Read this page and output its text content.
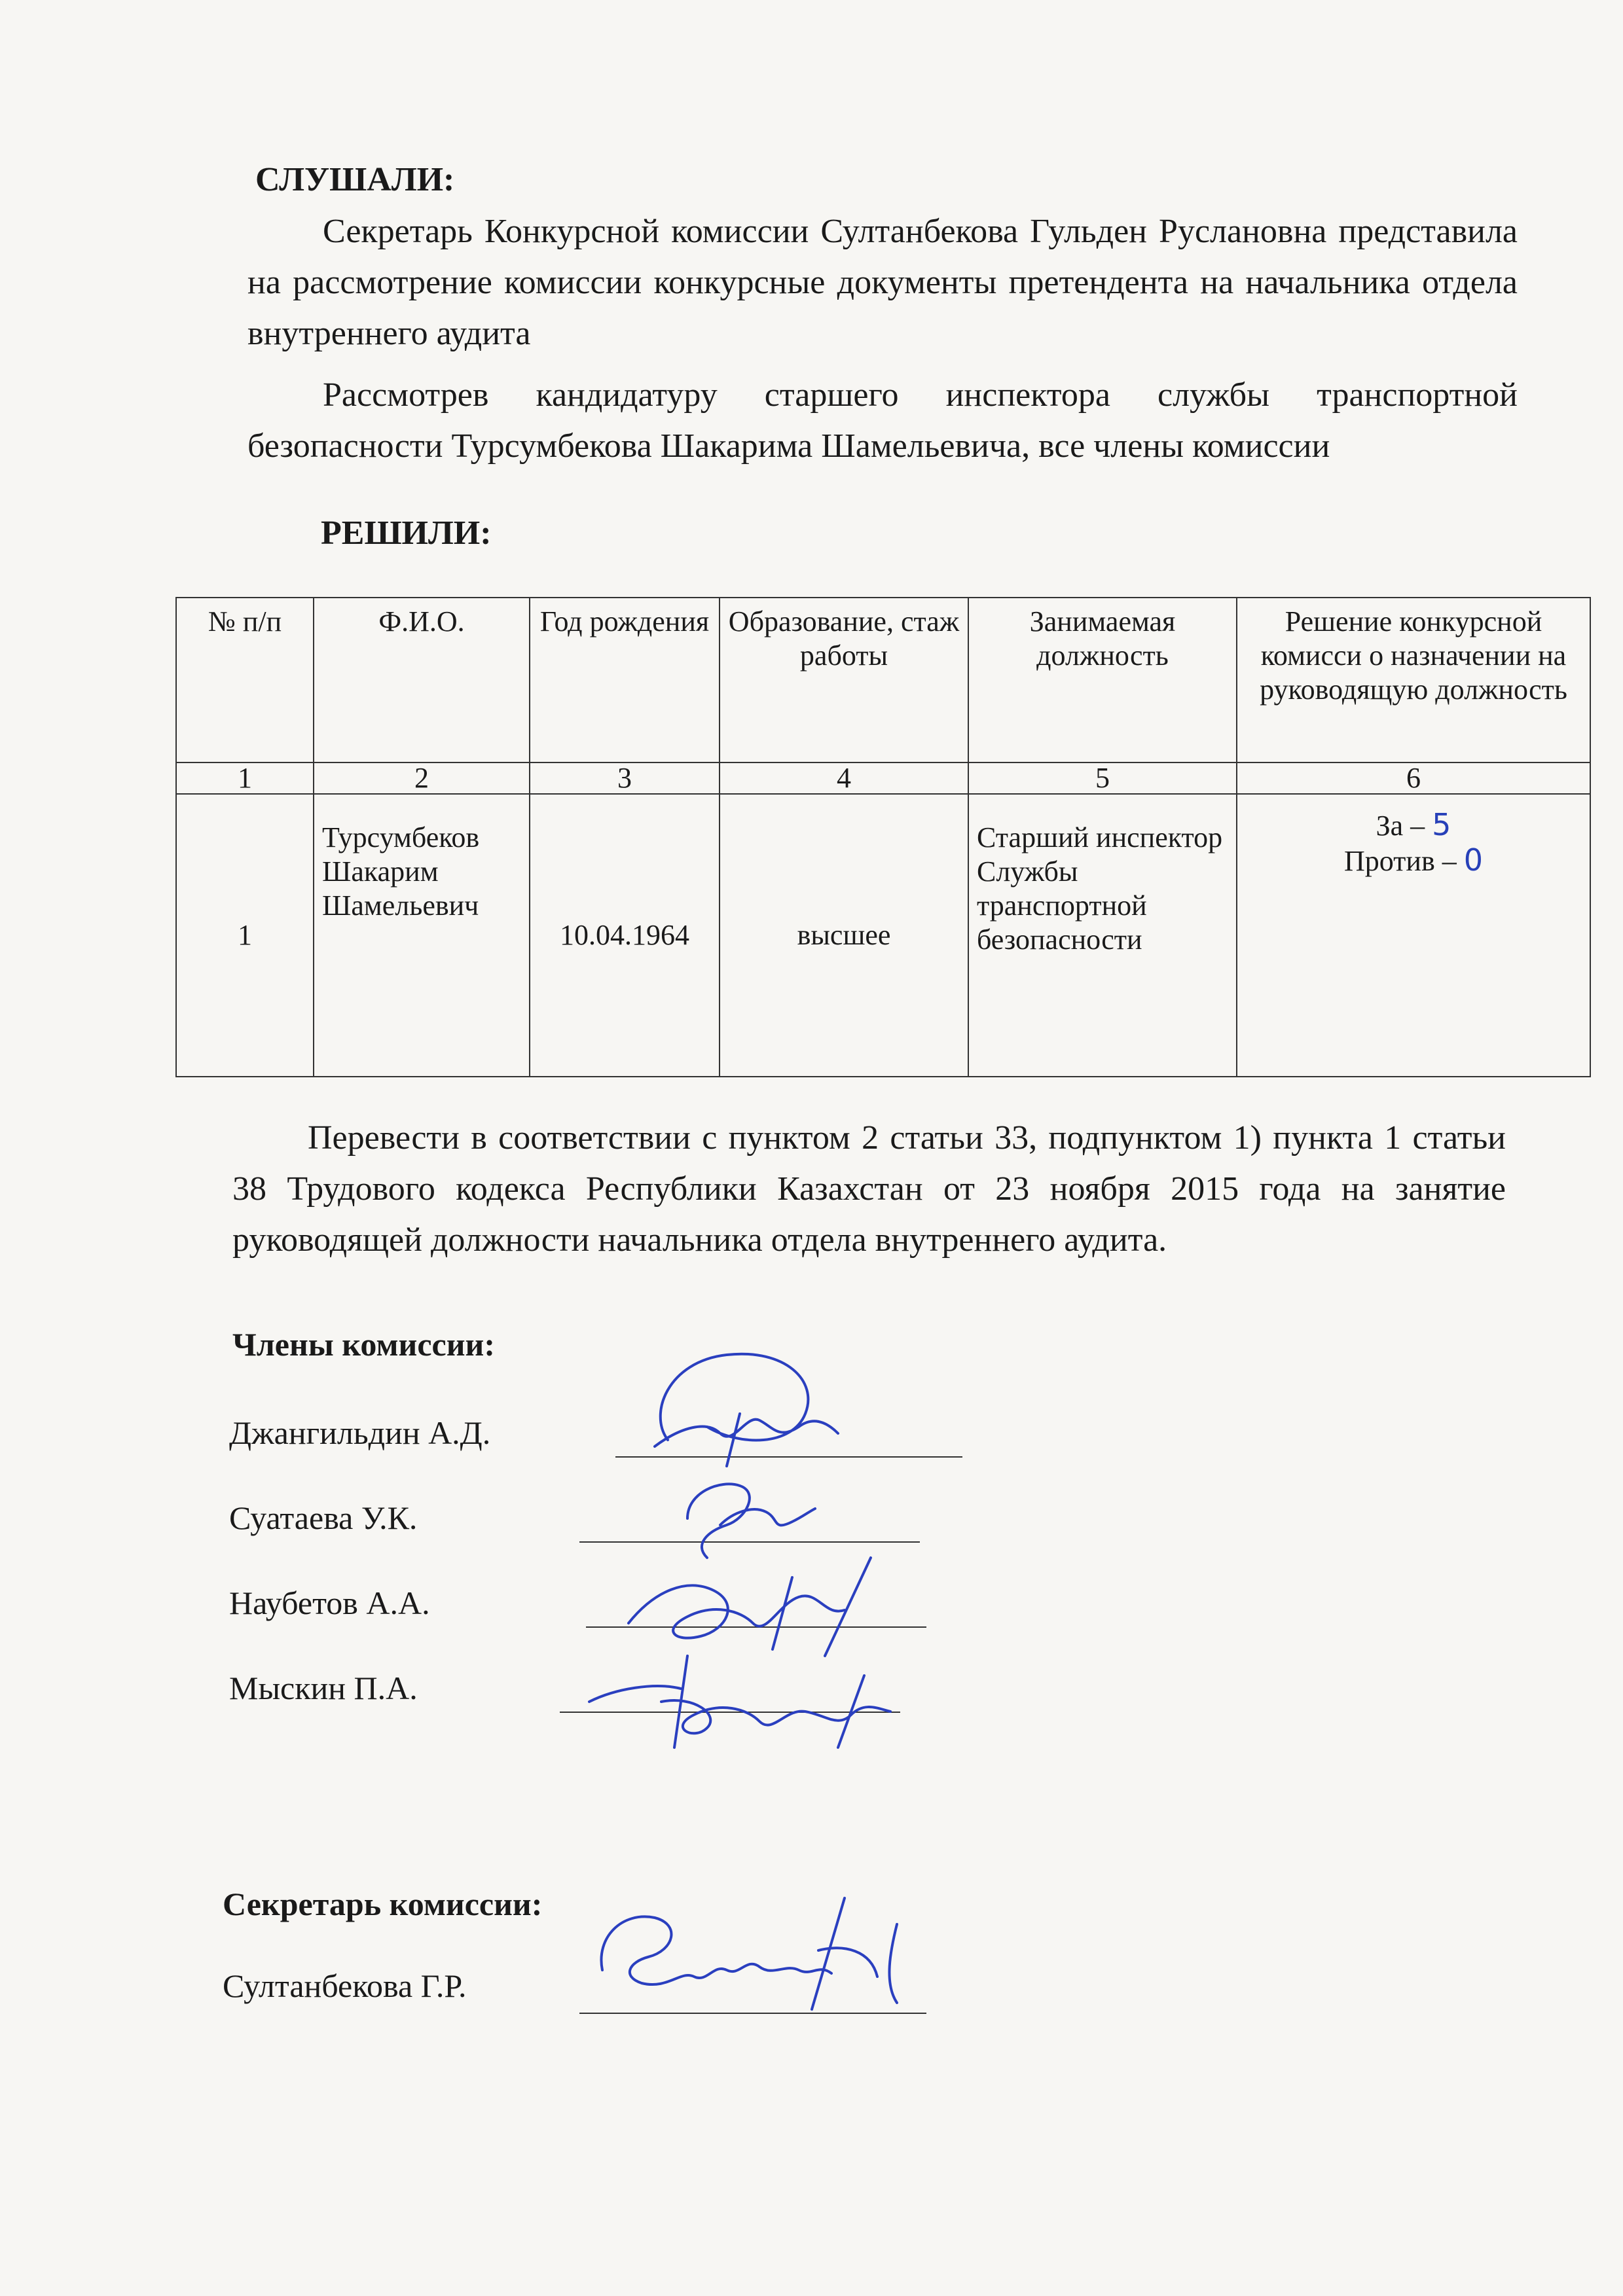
СЛУШАЛИ:
Секретарь Конкурсной комиссии Султанбекова Гульден Руслановна представила на рассмотрение комиссии конкурсные документы претендента на начальника отдела внутреннего аудита
Рассмотрев кандидатуру старшего инспектора службы транспортной безопасности Турсумбекова Шакарима Шамельевича, все члены комиссии
РЕШИЛИ:
№ п/п	Ф.И.О.	Год рождения	Образование, стаж работы	Занимаемая должность	Решение конкурсной комисси о назначении на руководящую должность
1	2	3	4	5	6
1	Турсумбеков Шакарим Шамельевич	10.04.1964	высшее	Старший инспектор Службы транспортной безопасности	За – 5
Против – 0
Перевести в соответствии с пунктом 2 статьи 33, подпунктом 1) пункта 1 статьи 38 Трудового кодекса Республики Казахстан от 23 ноября 2015 года на занятие руководящей должности начальника отдела внутреннего аудита.
Члены комиссии:
Джангильдин А.Д.
Суатаева У.К.
Наубетов А.А.
Мыскин П.А.
Секретарь комиссии:
Султанбекова Г.Р.
